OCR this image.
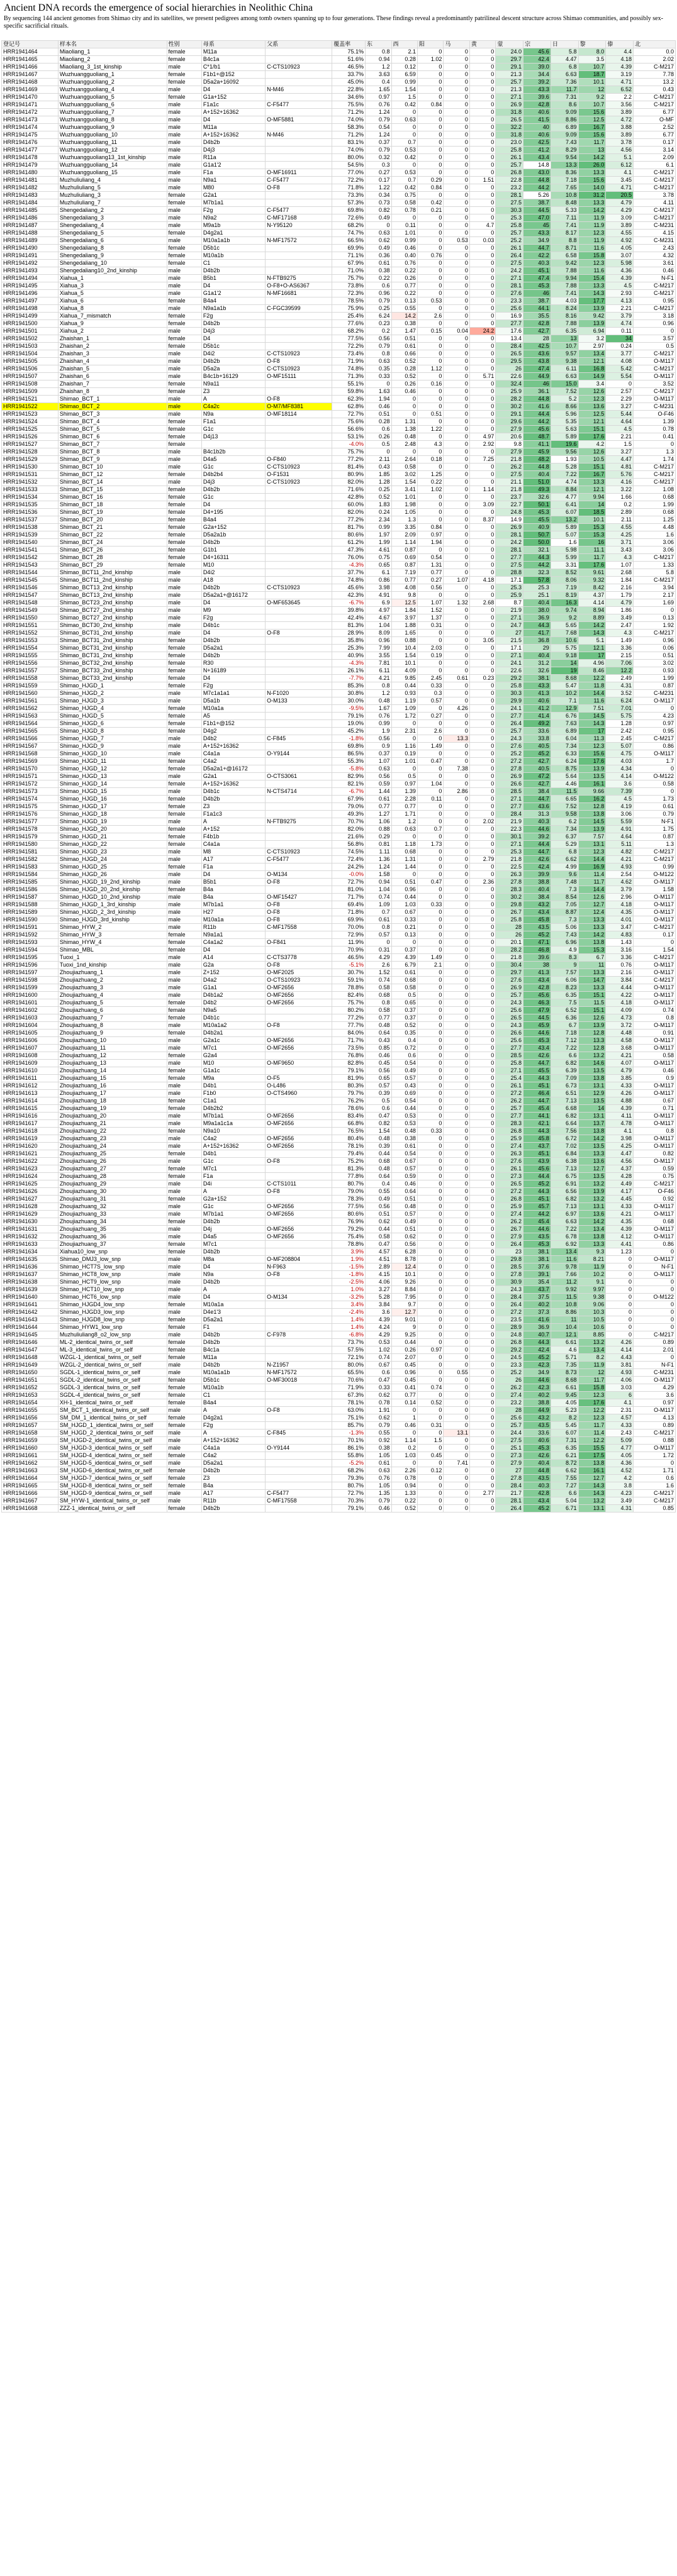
Ancient DNA records the emergence of social hierarchies in Neolithic China
By sequencing 144 ancient genomes from Shimao city and its satellites, we present pedigrees among tomb owners spanning up to four generations. These findings reveal a predominantly patrilineal descent structure across Shimao communities, and possibly sex-specific sacrificial rituals.
登记号	样本名	性别	母系	父系	覆盖率	东	西	阳	马	黄	蒙	宗	日	黎	傣	北
HRR1941464	Miaoliang_1	female	M11a		75.1%	0.8	2.1	0	0	0	24.0	45.6	5.8	8.0	4.4	0.0
HRR1941465	Miaoliang_2	female	B4c1a		51.6%	0.94	0.28	1.02	0	0	29.7	42.4	4.47	3.5	4.18	2.02
HRR1941466	Miaoliang_3_1st_kinship	male	C*1/b1	C-CTS10923	46.5%	1.2	0.12	0	0	0	29.1	39.0	6.8	10.7	4.39	C-M217
HRR1941467	Wuzhuangguoliang_1	female	F1b1+@152		33.7%	3.63	6.59	0	0	0	21.3	34.4	6.63	18.7	3.19	7.78
HRR1941468	Wuzhuangguoliang_2	female	D5a2a+16092		45.0%	0.4	0.99	0	0	0	25.7	39.2	7.36	10.1	4.71	13.2
HRR1941469	Wuzhuangguoliang_4	male	D4	N-M46	22.8%	1.65	1.54	0	0	0	21.3	43.3	11.7	12	6.52	0.43
HRR1941470	Wuzhuangguoliang_5	female	G1a+152		34.6%	0.97	1.5	0	0	0	27.1	39.6	7.31	9.2	2.2	C-M217
HRR1941471	Wuzhuangguoliang_6	male	F1a1c	C-F5477	75.5%	0.76	0.42	0.84	0	0	26.9	42.8	8.6	10.7	3.56	C-M217
HRR1941472	Wuzhuangguoliang_7	male	A+152+16362		71.2%	1.24	0	0	0	0	31.8	40.6	9.09	15.6	3.89	6.77
HRR1941473	Wuzhuangguoliang_8	male	D4	O-MF5881	74.0%	0.79	0.63	0	0	0	26.5	41.5	8.86	12.5	4.72	O-MF
HRR1941474	Wuzhuangguoliang_9	male	M11a		58.3%	0.54	0	0	0	0	32.2	40	6.89	16.7	3.88	2.52
HRR1941475	Wuzhuangguoliang_10	male	A+152+16362	N-M46	71.2%	1.24	0	0	0	0	31.8	40.6	9.09	15.6	3.89	6.77
HRR1941476	Wuzhuangguoliang_11	male	D4b2b		83.1%	0.37	0.7	0	0	0	23.0	42.5	7.43	11.7	3.78	0.17
HRR1941477	Wuzhuangguoliang_12	male	D4j3		74.0%	0.79	0.53	0	0	0	25.8	41.2	8.29	13	4.56	3.14
HRR1941478	Wuzhuangguoliang13_1st_kinship	male	R11a		80.0%	0.32	0.42	0	0	0	26.1	43.4	9.54	14.2	5.1	2.09
HRR1941479	Wuzhuangguoliang_14	male	G1a1'2		54.5%	0.3	0	0	0	0	25.7	14.8	13.3	26.0	6.12	6.1
HRR1941480	Wuzhuangguoliang_15	male	F1a	O-MF16911	77.0%	0.27	0.53	0	0	0	26.8	43.0	8.36	13.3	4.1	C-M217
HRR1941481	Muzhuliuliang_4	male	N9a1	C-F5477	72.2%	0.17	0.7	0.29	0	1.51	22.8	44.8	7.18	15.6	3.45	C-M217
HRR1941482	Muzhuliuliang_5	male	M80	O-F8	71.8%	1.22	0.42	0.84	0	0	23.2	44.2	7.65	14.0	4.71	C-M217
HRR1941483	Muzhuliuliang_3	female	G2a1		73.3%	0.34	0.75	0	0	0	28.1	5.26	10.8	31.2	20.5	3.78
HRR1941484	Muzhuliuliang_7	female	M7b1a1		57.3%	0.73	0.58	0.42	0	0	27.5	38.7	8.48	13.3	4.79	4.11
HRR1941485	Shengedaliang_2	male	F2g	C-F5477	69.8%	0.82	0.78	0.21	0	0	30.3	44.5	5.33	14.2	4.29	C-M217
HRR1941486	Shengedaliang_3	male	N9a2	C-MF17168	72.6%	0.49	0	0	0	0	25.3	47.0	7.11	11.9	3.09	C-M217
HRR1941487	Shengedaliang_4	male	M9a1b	N-Y95120	68.2%	0	0.11	0	0	4.7	25.8	45	7.41	11.9	3.89	C-M231
HRR1941488	Shengedaliang_5	female	D4g2a1		74.7%	0.63	1.01	0	0	0	25.7	43.3	8.17	12.3	4.55	4.15
HRR1941489	Shengedaliang_6	male	M10a1a1b	N-MF17572	66.5%	0.62	0.99	0	0.53	0.03	25.2	34.9	8.8	11.9	4.92	C-M231
HRR1941490	Shengedaliang_8	female	D5b1c		69.9%	0.49	0.46	0	0	0	26.1	44.7	8.71	11.6	4.05	2.43
HRR1941491	Shengedaliang_9	female	M10a1b		71.1%	0.36	0.40	0.76	0	0	26.4	42.2	6.58	15.8	3.07	4.32
HRR1941492	Shengedaliang_10	female	C1		67.9%	0.61	0.76	0	0	0	27.5	40.3	9.42	12.3	5.98	3.61
HRR1941493	Shengedaliang10_2nd_kinship	male	D4b2b		71.0%	0.38	0.22	0	0	0	24.2	45.1	7.88	11.6	4.36	0.46
HRR1941494	Xiahua_1	male	B5b1	N-FTB9275	75.7%	0.22	0.26	0	0	0	27.1	47.4	9.94	15.4	4.39	N-F1
HRR1941495	Xiahua_3	male	D4	O-F8+O-AS6367	73.8%	0.6	0.77	0	0	0	28.1	45.3	7.88	13.3	4.5	C-M217
HRR1941496	Xiahua_5	male	G1a1'2	N-MF16681	72.3%	0.96	0.22	0	0	0	27.6	46	7.41	14.3	2.93	C-M217
HRR1941497	Xiahua_6	female	B4a4		78.5%	0.79	0.13	0.53	0	0	23.3	38.7	4.03	17.7	4.13	0.95
HRR1941498	Xiahua_8	male	N9a1a1b	C-FGC39599	75.9%	0.25	0.55	0	0	0	25.6	44.1	8.24	13.9	2.21	C-M217
HRR1941499	Xiahua_7_mismatch	female	F2g		25.4%	6.24	14.2	2.6	0	0	16.9	35.5	8.16	9.42	3.79	3.18
HRR1941500	Xiahua_9	female	D4b2b		77.6%	0.23	0.38	0	0	0	27.7	42.8	7.88	13.9	4.74	0.96
HRR1941501	Xiahua_2	male	D4j3		68.2%	0.2	1.47	0.15	0.04	24.2	17.6	42.7	6.35	6.94	0.11	0
HRR1941502	Zhaishan_1	female	D4		77.5%	0.56	0.51	0	0	0	13.4	28	13	3.2	34	3.57
HRR1941503	Zhaishan_2	female	D5b1c		72.2%	0.79	0.61	0	0	0	28.4	42.5	10.7	2.97	0.24	0.5
HRR1941504	Zhaishan_3	male	D4i2	C-CTS10923	73.4%	0.8	0.66	0	0	0	26.5	43.6	9.57	13.4	3.77	C-M217
HRR1941505	Zhaishan_4	male	D4b2b	O-F8	71.9%	0.63	0.52	0	0	0	29.5	43.8	9.38	12.1	4.08	O-M117
HRR1941506	Zhaishan_5	male	D5a2a	C-CTS10923	74.8%	0.35	0.28	1.12	0	0	26	47.4	6.11	16.8	5.42	C-M217
HRR1941507	Zhaishan_6	male	B4c1b+16129	O-MF15111	71.3%	0.33	0.52	0	0	5.71	22.6	44.9	6.63	14.9	5.54	O-M117
HRR1941508	Zhaishan_7	female	N9a11		55.1%	0	0.26	0.16	0	0	32.4	46	15.0	3.4	0	3.52
HRR1941509	Zhaishan_8	female	Z3		59.8%	1.63	0.46	0	0	0	25.9	36.1	7.52	12.6	2.57	C-M217
HRR1941521	Shimao_BCT_1	male	A	O-F8	62.3%	1.94	0	0	0	0	28.2	44.8	5.2	12.3	2.29	O-M117
HRR1941522	Shimao_BCT_2	male	C4a2c	O-M7/MF8381	62.8%	0.46	0	0	0	0	30.2	41.6	8.66	13.6	3.27	C-M231
HRR1941523	Shimao_BCT_3	male	N9a	O-MF18114	72.7%	0.51	0	0.51	0	0	29.1	44.4	5.96	12.5	5.44	O-F46
HRR1941524	Shimao_BCT_4	female	F1a1		75.6%	0.28	1.31	0	0	0	29.6	44.2	5.35	12.1	4.64	1.39
HRR1941525	Shimao_BCT_5	female	G1c		56.6%	0.6	1.38	1.22	0	0	27.9	45.6	5.63	15.1	4.5	0.78
HRR1941526	Shimao_BCT_6	female	D4j13		53.1%	0.26	0.48	0	0	4.97	20.6	48.7	5.89	17.6	2.21	0.41
HRR1941527	Shimao_BCT_7	female			-4.0%	0.5	2.48	4.3	0	2.92	9.8	41.1	19.6	4.2	1.5	0
HRR1941528	Shimao_BCT_8	male	B4c1b2b		75.7%	0	0	0	0	0	27.9	45.9	9.56	12.6	3.27	1.3
HRR1941529	Shimao_BCT_9	male	D4a5	O-F840	77.2%	2.11	2.64	0.18	0	7.25	21.8	48.2	1.93	10.5	4.47	1.74
HRR1941530	Shimao_BCT_10	male	G1c	C-CTS10923	81.4%	0.43	0.58	0	0	0	26.2	44.8	5.28	15.1	4.81	C-M217
HRR1941531	Shimao_BCT_12	female	D4b2b4	O-F1531	80.9%	1.85	3.02	1.25	0	0	27.5	40.4	7.22	16.7	5.76	C-M217
HRR1941532	Shimao_BCT_14	male	D4j3	C-CTS10923	82.0%	1.28	1.54	0.22	0	0	21.1	51.0	4.74	13.3	4.16	C-M217
HRR1941533	Shimao_BCT_15	female	D4b2b		71.6%	0.25	3.41	1.02	0	1.14	21.8	49.3	8.84	12.1	3.22	1.08
HRR1941534	Shimao_BCT_16	female	G1c		42.8%	0.52	1.01	0	0	0	23.7	32.6	4.77	9.94	1.66	0.68
HRR1941535	Shimao_BCT_18	female	D4		60.0%	1.83	1.98	0	0	3.09	22.7	50.1	6.41	14	0.2	1.99
HRR1941536	Shimao_BCT_19	female	D4+195		82.0%	0.24	1.05	0	0	0	24.8	45.3	6.07	18.5	2.89	0.68
HRR1941537	Shimao_BCT_20	female	B4a4		77.2%	2.34	1.3	0	0	8.37	14.9	45.5	13.2	10.1	2.11	1.25
HRR1941538	Shimao_BCT_21	female	G2a+152		81.7%	0.99	3.35	0.84	0	0	26.9	40.9	5.89	15.3	4.55	4.48
HRR1941539	Shimao_BCT_22	female	D5a2a1b		80.6%	1.97	2.09	0.97	0	0	28.1	50.7	5.07	15.3	4.25	1.6
HRR1941540	Shimao_BCT_24	female	D4b2b		61.2%	1.99	1.14	1.94	0	0	24.2	50.0	1.6	16	3.71	3.06
HRR1941541	Shimao_BCT_26	female	G1b1		47.3%	4.61	0.87	0	0	0	28.1	32.1	5.98	11.1	3.43	3.06
HRR1941542	Shimao_BCT_28	female	D4+16311		76.0%	0.75	0.69	0.54	0	0	27.7	44.3	5.99	11.7	4.3	C-M217
HRR1941543	Shimao_BCT_29	female	M10		-4.3%	0.65	0.87	1.31	0	0	27.5	44.2	3.31	17.6	1.07	1.33
HRR1941544	Shimao_BCT11_2nd_kinship	male	D4i2		37.7%	6.1	7.19	0.77	0	0	28.8	32.3	8.52	9.61	2.68	5.8
HRR1941545	Shimao_BCT11_2nd_kinship	male	A18		74.8%	0.86	0.77	0.27	1.07	4.18	17.1	57.8	8.06	9.32	1.84	C-M217
HRR1941546	Shimao_BCT13_2nd_kinship	male	D4b2b	C-CTS10923	45.6%	3.98	4.08	0.56	0	0	25.3	25.3	7.19	8.42	2.16	3.94
HRR1941547	Shimao_BCT13_2nd_kinship	male	D5a2a1+@16172		42.3%	4.91	9.8	0	0	0	25.9	25.1	8.19	4.37	1.79	2.17
HRR1941548	Shimao_BCT23_2nd_kinship	male	D4	O-MF653645	-6.7%	6.9	12.5	1.07	1.32	2.68	8.7	40.4	16.3	4.14	4.79	1.69
HRR1941549	Shimao_BCT27_2nd_kinship	male	M9		39.8%	4.97	1.84	1.52	0	0	21.9	38.0	9.74	8.94	1.86	0
HRR1941550	Shimao_BCT27_2nd_kinship	male	F2g		42.4%	4.67	3.97	1.37	0	0	27.1	36.9	9.2	8.89	3.49	0.13
HRR1941551	Shimao_BCT30_2nd_kinship	male	D4b1c		81.3%	1.04	1.88	0.31	0	0	24.7	44.3	5.65	14.2	2.47	1.92
HRR1941552	Shimao_BCT31_2nd_kinship	male	D4	O-F8	28.9%	8.09	1.65	0	0	0	27	41.7	7.68	14.3	4.3	C-M217
HRR1941553	Shimao_BCT31_2nd_kinship	female	D4b2b		35.8%	0.96	0.88	0	0	3.05	21.5	36.8	10.6	5.1	1.49	0.96
HRR1941554	Shimao_BCT31_2nd_kinship	female	D5a2a1		25.3%	7.99	10.4	2.03	0	0	17.1	29	5.75	12.1	3.36	0.06
HRR1941555	Shimao_BCT31_2nd_kinship	female	D4b2b		40.9%	3.55	1.54	0.19	0	0	27.1	40.4	9.18	17	2.15	0.51
HRR1941556	Shimao_BCT32_2nd_kinship	female	R30		-4.3%	7.81	10.1	0	0	0	24.1	31.2	14	4.96	7.06	3.02
HRR1941557	Shimao_BCT33_2nd_kinship	female	N+16189		26.1%	6.11	4.09	0	0	0	22.6	32.6	19	8.46	12.2	0.93
HRR1941558	Shimao_BCT33_2nd_kinship	female	D4		-7.7%	4.21	9.85	2.45	0.61	0.23	29.2	38.1	8.68	12.2	2.49	1.99
HRR1941559	Shimao_HJGD_1	female	F2g		85.3%	0.8	0.44	0.33	0	0	25.8	43.3	5.47	11.8	4.31	0.87
HRR1941560	Shimao_HJGD_2	male	M7c1a1a1	N-F1020	30.8%	1.2	0.93	0.3	0	0	30.3	41.3	10.2	14.4	3.52	C-M231
HRR1941561	Shimao_HJGD_3	male	D5a1b	O-M133	30.0%	0.48	1.19	0.57	0	0	29.9	40.6	7.1	11.6	6.24	O-M117
HRR1941562	Shimao_HJGD_4	female	M10a1a		-9.5%	1.67	1.09	0	4.26	0	24.1	41.2	12.9	7.51	7.01	0
HRR1941563	Shimao_HJGD_5	female	A5		79.1%	0.76	1.72	0.27	0	0	27.7	41.4	6.76	14.5	5.75	4.23
HRR1941564	Shimao_HJGD_6	female	F1b1+@152		19.0%	0.99	0	0	0	0	26.4	49.2	7.63	14.3	1.28	0.97
HRR1941565	Shimao_HJGD_8	female	D4g2		45.2%	1.9	2.31	2.6	0	0	25.7	33.6	6.89	17	2.42	0.95
HRR1941566	Shimao_HJGD_7	male	D4b2	C-F845	-1.8%	0.56	0	0	13.3	0	24.3	33.8	6.04	11.3	2.45	C-M217
HRR1941567	Shimao_HJGD_9	male	A+152+16362		69.8%	0.9	1.16	1.49	0	0	27.6	40.5	7.34	12.3	5.07	0.86
HRR1941568	Shimao_HJGD_10	male	C4a1a	O-Y9144	86.5%	0.37	0.19	0	0	0	25.2	45.2	6.33	15.6	4.75	O-M117
HRR1941569	Shimao_HJGD_11	female	C4a2		55.3%	1.07	1.01	0.47	0	0	27.2	42.7	6.24	17.6	4.03	1.7
HRR1941570	Shimao_HJGD_12	female	D5a2a1+@16172		-5.8%	0.63	0	0	7.38	0	27.8	40.5	8.75	13.9	4.34	0
HRR1941571	Shimao_HJGD_13	male	G2a1	O-CTS3061	82.9%	0.56	0.5	0	0	0	26.9	47.2	5.64	13.5	4.14	O-M122
HRR1941572	Shimao_HJGD_14	female	A+152+16362		82.1%	0.59	0.97	1.04	0	0	26.6	42.7	4.46	16.1	3.6	0.58
HRR1941573	Shimao_HJGD_15	male	D4b1c	N-CTS4714	-6.7%	1.44	1.39	0	2.86	0	28.5	38.4	11.5	9.66	7.39	0
HRR1941574	Shimao_HJGD_16	female	D4b2b		67.9%	0.61	2.28	0.11	0	0	27.1	44.7	6.65	16.2	4.5	1.73
HRR1941575	Shimao_HJGD_17	female	Z3		79.0%	0.77	0.77	0	0	0	27.7	43.6	7.52	12.8	4.19	0.61
HRR1941576	Shimao_HJGD_18	female	F1a1c3		49.3%	1.27	1.71	0	0	0	28.4	31.3	9.58	13.8	3.06	0.79
HRR1941577	Shimao_HJGD_19	male	A	N-FTB9275	70.7%	1.06	1.2	0	0	2.02	21.9	40.3	6.2	14.5	5.59	N-F1
HRR1941578	Shimao_HJGD_20	female	A+152		82.0%	0.88	0.63	0.7	0	0	22.3	44.6	7.34	13.9	4.91	1.75
HRR1941579	Shimao_HJGD_21	female	F4b1b		21.6%	0.29	0	0	0	0	30.1	39.2	6.37	7.57	4.64	0.87
HRR1941580	Shimao_HJGD_22	female	C4a1a		56.8%	0.81	1.18	1.73	0	0	27.1	44.4	5.29	13.1	5.11	1.3
HRR1941581	Shimao_HJGD_23	male	M8	C-CTS10923	74.5%	1.11	0.68	0	0	0	25.3	44.7	6.8	12.3	4.82	C-M217
HRR1941582	Shimao_HJGD_24	male	A17	C-F5477	72.4%	1.36	1.31	0	0	2.79	21.8	42.6	6.62	14.4	4.21	C-M217
HRR1941583	Shimao_HJGD_25	female	F1a		24.2%	1.24	1.44	0	0	0	22.5	42.4	4.99	16.9	4.93	0.99
HRR1941584	Shimao_HJGD_26	male	D4	O-M134	-0.0%	1.58	0	0	0	0	26.3	39.9	9.6	11.4	2.54	O-M122
HRR1941585	Shimao_HJGD_19_2nd_kinship	male	B5b1	O-F8	72.7%	0.94	0.51	0.47	0	2.36	27.8	38.8	7.48	11.7	4.62	O-M117
HRR1941586	Shimao_HJGD_20_2nd_kinship	female	B4a		81.0%	1.04	0.96	0	0	0	28.3	40.4	7.3	14.4	3.79	1.58
HRR1941587	Shimao_HJGD_10_2nd_kinship	male	B4a	O-MF15427	71.7%	0.74	0.44	0	0	0	30.2	38.4	8.54	12.6	2.96	O-M117
HRR1941588	Shimao_HJGD_1_3rd_kinship	male	M7b1a1	O-F8	69.4%	1.09	1.03	0.33	0	0	29.8	43.2	7.05	12.7	4.18	O-M117
HRR1941589	Shimao_HJGD_2_3rd_kinship	male	H27	O-F8	71.8%	0.7	0.67	0	0	0	26.7	43.4	8.87	12.4	4.35	O-M117
HRR1941590	Shimao_HJGD_3rd_kinship	male	M10a1a	O-F8	69.9%	0.61	0.33	0	0	0	25.8	45.8	7.3	13.3	4.01	O-M117
HRR1941591	Shimao_HYW_2	male	R11b	C-MF17558	70.0%	0.8	0.21	0	0	0	28	43.5	5.06	13.3	3.47	C-M217
HRR1941592	Shimao_HYW_3	female	N9a1a1		72.9%	0.57	0.13	0	0	0	26	45.2	7.43	14.2	4.83	0.17
HRR1941593	Shimao_HYW_4	female	C4a1a2	O-F841	11.9%	0	0	0	0	0	20.1	47.1	6.96	13.8	1.43	0
HRR1941594	Shimao_MBL	female	D4		70.9%	0.31	0.37	0	0	0	28.2	46.8	4.9	15.3	3.16	1.54
HRR1941595	Tuoxi_1	male	A14	C-CTS3778	46.5%	4.29	4.39	1.49	0	0	21.8	39.6	8.3	6.7	3.36	C-M217
HRR1941596	Tuoxi_1nd_kinship	male	G2a	O-F8	-5.1%	2.6	6.79	2.1	0	0	30.4	38	9	11	0.76	O-M117
HRR1941597	Zhoujiazhuang_1	male	Z+152	O-MF2025	30.7%	1.52	0.61	0	0	0	29.7	41.3	7.57	13.3	2.16	O-M117
HRR1941598	Zhoujiazhuang_2	male	D4a2	O-CTS10923	59.1%	0.74	0.68	0	0	0	27.6	43.4	6.06	14.7	3.84	C-M217
HRR1941599	Zhoujiazhuang_3	male	G1a1	O-MF2656	78.8%	0.58	0.58	0	0	0	26.9	42.8	8.23	13.3	4.44	O-M117
HRR1941600	Zhoujiazhuang_4	male	D4b1a2	O-MF2656	82.4%	0.68	0.5	0	0	0	25.7	45.6	6.35	15.1	4.22	O-M117
HRR1941601	Zhoujiazhuang_5	female	D4b2	O-MF2656	75.7%	0.8	0.65	0	0	0	24.3	46.3	7.5	11.5	4.18	O-M117
HRR1941602	Zhoujiazhuang_6	female	N9a5		80.2%	0.58	0.37	0	0	0	25.6	47.9	6.52	15.1	4.09	0.74
HRR1941603	Zhoujiazhuang_7	female	D4b1c		77.2%	0.77	0.37	0	0	0	26.5	44.5	6.36	12.6	4.73	0.8
HRR1941604	Zhoujiazhuang_8	male	M10a1a2	O-F8	77.7%	0.48	0.52	0	0	0	24.3	45.9	6.7	13.9	3.72	O-M117
HRR1941605	Zhoujiazhuang_9	female	D4b2a1		84.0%	0.64	0.35	0	0	0	26.6	44.6	7.18	12.8	4.48	0.91
HRR1941606	Zhoujiazhuang_10	male	G2a1c	O-MF2656	71.7%	0.43	0.4	0	0	0	25.6	45.3	7.12	13.3	4.58	O-M117
HRR1941607	Zhoujiazhuang_11	male	M7c1	O-MF2656	73.5%	0.85	0.72	0	0	0	27.7	43.4	7.22	12.8	3.68	O-M117
HRR1941608	Zhoujiazhuang_12	female	G2a4		76.8%	0.46	0.6	0	0	0	28.5	42.6	6.6	13.2	4.21	0.58
HRR1941609	Zhoujiazhuang_13	male	M10	O-MF9650	82.8%	0.45	0.54	0	0	0	25.8	44.7	6.82	14.6	4.07	O-M117
HRR1941610	Zhoujiazhuang_14	female	G1a1c		79.1%	0.56	0.49	0	0	0	27.1	45.5	6.39	13.5	4.79	0.46
HRR1941611	Zhoujiazhuang_15	female	M9a	O-F5	81.9%	0.65	0.57	0	0	0	25.4	44.3	7.09	13.8	3.85	0.9
HRR1941612	Zhoujiazhuang_16	male	D4b1	O-L486	80.3%	0.57	0.43	0	0	0	26.1	45.1	6.73	13.1	4.33	O-M117
HRR1941613	Zhoujiazhuang_17	male	F1b0	O-CTS4960	79.7%	0.39	0.69	0	0	0	27.2	46.4	6.51	12.9	4.26	O-M117
HRR1941614	Zhoujiazhuang_18	female	C1a1		76.2%	0.5	0.54	0	0	0	26.2	44.7	7.13	13.5	4.88	0.67
HRR1941615	Zhoujiazhuang_19	female	D4b2b2		78.6%	0.6	0.44	0	0	0	25.7	45.4	6.68	14	4.39	0.71
HRR1941616	Zhoujiazhuang_20	male	M7b1a1	O-MF2656	83.4%	0.47	0.53	0	0	0	27.7	44.1	6.82	13.1	4.11	O-M117
HRR1941617	Zhoujiazhuang_21	male	M9a1a1c1a	O-MF2656	66.8%	0.82	0.53	0	0	0	28.3	42.1	6.64	13.7	4.78	O-M117
HRR1941618	Zhoujiazhuang_22	female	N9a10		76.5%	1.54	0.48	0.33	0	0	26.8	44.3	7.56	13.8	4.1	0.8
HRR1941619	Zhoujiazhuang_23	male	C4a2	O-MF2656	80.4%	0.48	0.38	0	0	0	25.9	45.8	6.72	14.2	3.98	O-M117
HRR1941620	Zhoujiazhuang_24	male	A+152+16362	O-MF2656	78.1%	0.39	0.61	0	0	0	27.4	43.7	7.02	13.5	4.25	O-M117
HRR1941621	Zhoujiazhuang_25	female	D4b1		79.4%	0.44	0.54	0	0	0	26.3	45.1	6.84	13.3	4.47	0.82
HRR1941622	Zhoujiazhuang_26	male	G1c	O-F8	75.2%	0.68	0.67	0	0	0	27.6	43.9	6.38	13.6	4.56	O-M117
HRR1941623	Zhoujiazhuang_27	female	M7c1		81.3%	0.48	0.57	0	0	0	26.1	45.6	7.13	12.7	4.37	0.59
HRR1941624	Zhoujiazhuang_28	female	F1a		77.8%	0.64	0.59	0	0	0	27.3	44.4	6.75	13.5	4.28	0.75
HRR1941625	Zhoujiazhuang_29	male	D4i	C-CTS1011	80.7%	0.4	0.46	0	0	0	26.5	45.2	6.91	13.2	4.49	C-M217
HRR1941626	Zhoujiazhuang_30	male	A	O-F8	79.0%	0.55	0.64	0	0	0	27.2	44.3	6.56	13.9	4.17	O-F46
HRR1941627	Zhoujiazhuang_31	female	G2a+152		78.3%	0.49	0.51	0	0	0	26.8	45.1	6.82	13.2	4.45	0.92
HRR1941628	Zhoujiazhuang_32	male	G1c	O-MF2656	77.5%	0.56	0.48	0	0	0	25.9	45.7	7.13	13.1	4.33	O-M117
HRR1941629	Zhoujiazhuang_33	male	M7b1a1	O-MF2656	80.6%	0.51	0.57	0	0	0	27.4	44.2	6.97	13.6	4.21	O-M117
HRR1941630	Zhoujiazhuang_34	female	D4b2b		76.9%	0.62	0.49	0	0	0	26.2	45.4	6.63	14.2	4.35	0.68
HRR1941631	Zhoujiazhuang_35	male	D4j	O-MF2656	79.2%	0.44	0.51	0	0	0	26.7	44.6	7.22	13.4	4.39	O-M117
HRR1941632	Zhoujiazhuang_36	male	D4a5	O-MF2656	75.4%	0.58	0.62	0	0	0	27.9	43.5	6.78	13.8	4.12	O-M117
HRR1941633	Zhoujiazhuang_37	female	M7c1		78.8%	0.47	0.56	0	0	0	26.4	45.3	6.92	13.3	4.41	0.86
HRR1941634	Xiahua10_low_snp	female	D4b2b		3.9%	4.57	6.28	0	0	0	23	38.1	13.4	9.3	1.23	0
HRR1941635	Shimao_DMJ3_low_snp	male	M8a	O-MF208804	1.9%	4.51	8.78	0	0	0	29.8	38.1	11.6	8.21	0	O-M117
HRR1941636	Shimao_HCT7S_low_snp	male	D4	N-F963	-1.5%	2.89	12.4	0	0	0	28.5	37.6	9.78	11.9	0	N-F1
HRR1941637	Shimao_HCT8_low_snp	male	N9a	O-F8	-1.8%	4.15	10.1	0	0	0	27.8	39.1	7.66	10.2	0	O-M117
HRR1941638	Shimao_HCT9_low_snp	male	D4b2b		-2.5%	4.06	9.26	0	0	0	30.9	35.4	11.2	9.1	0	0
HRR1941639	Shimao_HCT10_low_snp	male	A		1.0%	3.27	8.84	0	0	0	24.3	43.7	9.92	9.97	0	0
HRR1941640	Shimao_HCT6_low_snp	male	D4	O-M134	-3.2%	5.28	7.95	0	0	0	28.4	37.5	11.5	9.38	0	O-M122
HRR1941641	Shimao_HJGD4_low_snp	female	M10a1a		3.4%	3.84	9.7	0	0	0	26.4	40.2	10.8	9.06	0	0
HRR1941642	Shimao_HJGD3_low_snp	male	D4e1'3		-2.4%	3.6	12.7	0	0	0	27.2	37.3	8.86	10.3	0	0
HRR1941643	Shimao_HJGD8_low_snp	female	D5a2a1		1.4%	4.39	9.01	0	0	0	23.5	41.6	11	10.5	0	0
HRR1941644	Shimao_HYW1_low_snp	female	F1		1.4%	4.24	9	0	0	0	28.9	36.9	10.4	10.6	0	0
HRR1941645	Muzhuliuliang8_o2_low_snp	male	D4b2b	C-F978	-6.8%	4.29	9.25	0	0	0	24.8	40.7	12.1	8.85	0	C-M217
HRR1941646	ML-2_identical_twins_or_self	female	D4b2b		73.7%	0.53	0.44	0	0	0	26.8	44.3	6.61	13.2	4.26	0.89
HRR1941647	ML-3_identical_twins_or_self	female	B4c1a		57.5%	1.02	0.26	0.97	0	0	29.2	42.4	4.6	13.4	4.14	2.01
HRR1941648	WZGL-1_identical_twins_or_self	female	M11a		72.1%	0.74	2.07	0	0	0	24.5	45.2	5.71	8.2	4.43	0
HRR1941649	WZGL-2_identical_twins_or_self	male	D4b2b	N-Z1957	80.0%	0.67	0.45	0	0	0	23.3	42.3	7.35	11.9	3.81	N-F1
HRR1941650	SGDL-1_identical_twins_or_self	male	M10a1a1b	N-MF17572	65.5%	0.6	0.96	0	0.55	0	25.2	34.9	8.73	12	4.93	C-M231
HRR1941651	SGDL-2_identical_twins_or_self	female	D5b1c	O-MF30018	70.6%	0.47	0.45	0	0	0	26	44.6	8.68	11.7	4.06	O-M117
HRR1941652	SGDL-3_identical_twins_or_self	female	M10a1b		71.9%	0.33	0.41	0.74	0	0	26.2	42.3	6.61	15.8	3.03	4.29
HRR1941653	SGDL-4_identical_twins_or_self	female	C1		67.3%	0.62	0.77	0	0	0	27.4	40.2	9.45	12.3	6	3.6
HRR1941654	XH-1_identical_twins_or_self	female	B4a4		78.1%	0.78	0.14	0.52	0	0	23.2	38.8	4.05	17.6	4.1	0.97
HRR1941655	SM_BCT_1_identical_twins_or_self	male	A	O-F8	63.0%	1.91	0	0	0	0	28	44.9	5.23	12.2	2.31	O-M117
HRR1941656	SM_DM_1_identical_twins_or_self	female	D4g2a1		75.1%	0.62	1	0	0	0	25.6	43.2	8.2	12.3	4.57	4.13
HRR1941657	SM_HJGD_1_identical_twins_or_self	female	F2g		85.7%	0.79	0.46	0.31	0	0	25.7	43.5	5.45	11.7	4.33	0.89
HRR1941658	SM_HJGD_2_identical_twins_or_self	male	A	C-F845	-1.3%	0.55	0	0	13.1	0	24.4	33.6	6.07	11.4	2.43	C-M217
HRR1941659	SM_HJGD-2_identical_twins_or_self	male	A+152+16362		70.1%	0.92	1.14	1.5	0	0	27.5	40.6	7.31	12.2	5.09	0.88
HRR1941660	SM_HJGD-3_identical_twins_or_self	male	C4a1a	O-Y9144	86.1%	0.38	0.2	0	0	0	25.1	45.3	6.35	15.5	4.77	O-M117
HRR1941661	SM_HJGD-4_identical_twins_or_self	female	C4a2		55.8%	1.05	1.03	0.45	0	0	27.3	42.6	6.21	17.5	4.05	1.72
HRR1941662	SM_HJGD-5_identical_twins_or_self	male	D5a2a1		-5.2%	0.61	0	0	7.41	0	27.9	40.4	8.72	13.8	4.36	0
HRR1941663	SM_HJGD-6_identical_twins_or_self	female	D4b2b		68.2%	0.63	2.26	0.12	0	0	27	44.8	6.62	16.1	4.52	1.71
HRR1941664	SM_HJGD-7_identical_twins_or_self	female	Z3		79.3%	0.76	0.78	0	0	0	27.8	43.5	7.55	12.7	4.2	0.6
HRR1941665	SM_HJGD-8_identical_twins_or_self	female	B4a		80.7%	1.05	0.94	0	0	0	28.4	40.3	7.27	14.3	3.8	1.6
HRR1941666	SM_HJGD-9_identical_twins_or_self	male	A17	C-F5477	72.7%	1.35	1.33	0	0	2.77	21.7	42.8	6.6	14.3	4.23	C-M217
HRR1941667	SM_HYW-1_identical_twins_or_self	male	R11b	C-MF17558	70.3%	0.79	0.22	0	0	0	28.1	43.4	5.04	13.2	3.49	C-M217
HRR1941668	ZZZ-1_identical_twins_or_self	female	D4b2b		79.1%	0.46	0.52	0	0	0	26.4	45.2	6.71	13.1	4.31	0.85
